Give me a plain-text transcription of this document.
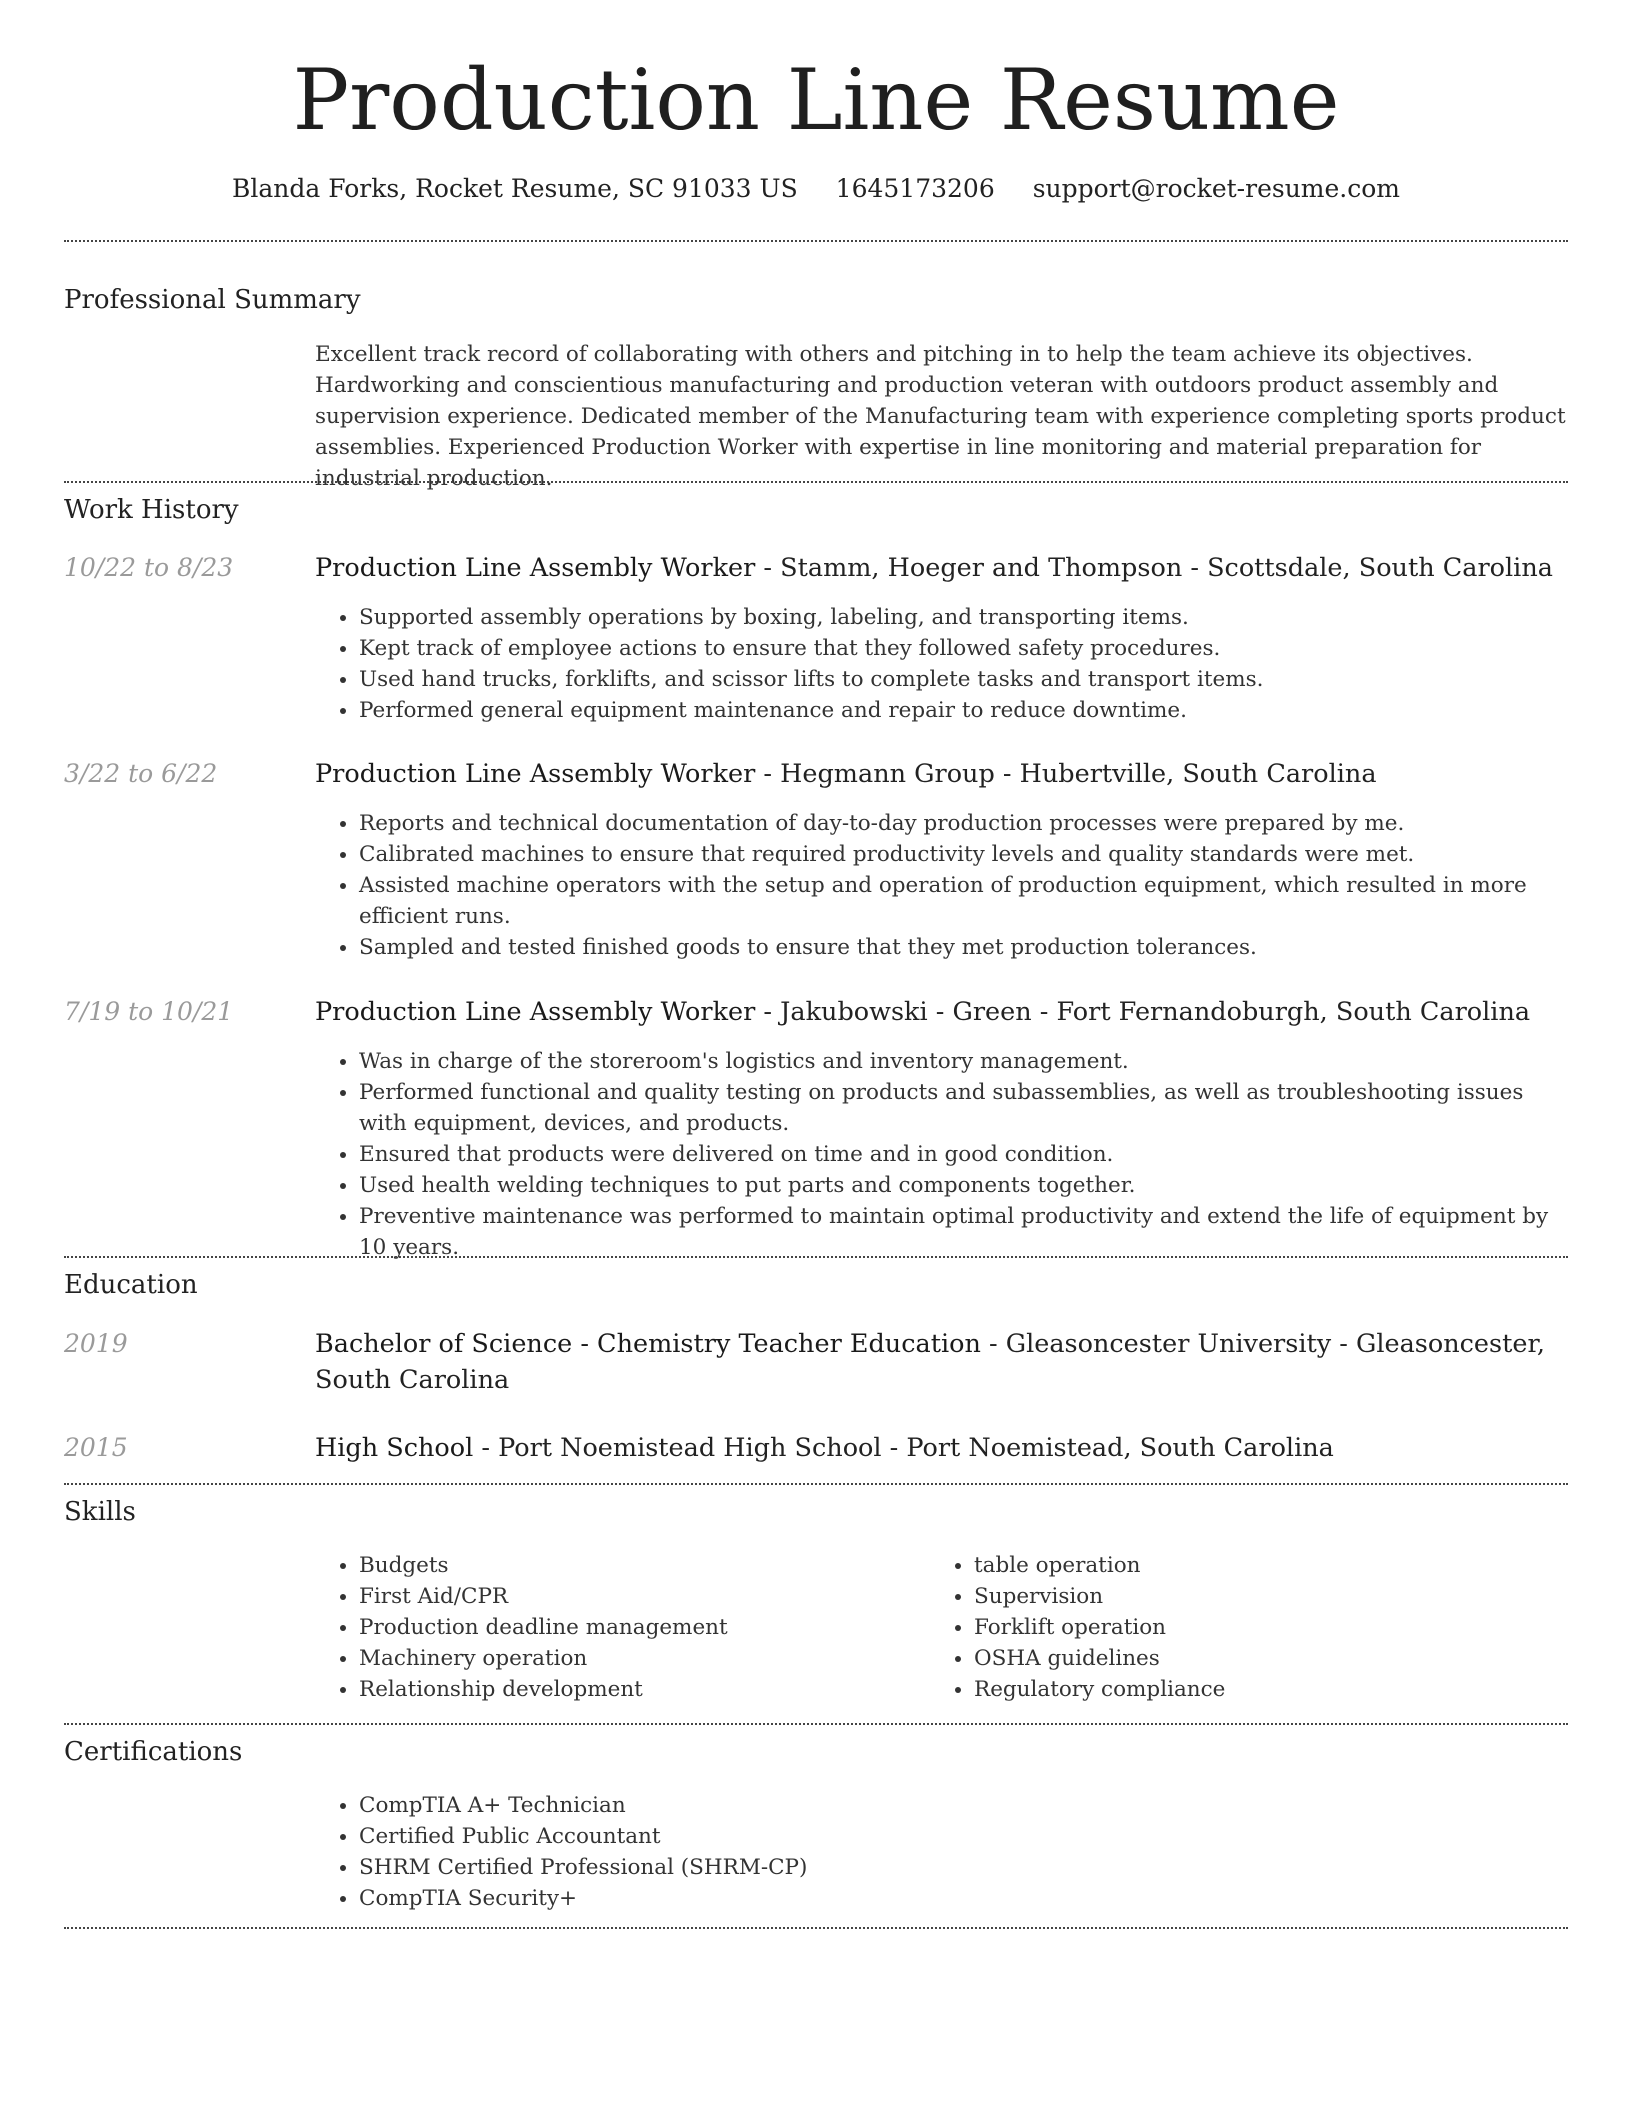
Production Line Resume
Blanda Forks, Rocket Resume, SC 91033 US 1645173206 support@rocket-resume.com
Professional Summary

Excellent track record of collaborating with others and pitching in to help the team achieve its objectives. Hardworking and conscientious manufacturing and production veteran with outdoors product assembly and supervision experience. Dedicated member of the Manufacturing team with experience completing sports product assemblies. Experienced Production Worker with expertise in line monitoring and material preparation for industrial production.

Work History
10/22 to 8/23	Production Line Assembly Worker - Stamm, Hoeger and Thompson - Scottsdale, South Carolina
• Supported assembly operations by boxing, labeling, and transporting items.
• Kept track of employee actions to ensure that they followed safety procedures.
• Used hand trucks, forklifts, and scissor lifts to complete tasks and transport items.
• Performed general equipment maintenance and repair to reduce downtime.
3/22 to 6/22	Production Line Assembly Worker - Hegmann Group - Hubertville, South Carolina
• Reports and technical documentation of day-to-day production processes were prepared by me.
• Calibrated machines to ensure that required productivity levels and quality standards were met.
• Assisted machine operators with the setup and operation of production equipment, which resulted in more efficient runs.
• Sampled and tested finished goods to ensure that they met production tolerances.
7/19 to 10/21	Production Line Assembly Worker - Jakubowski - Green - Fort Fernandoburgh, South Carolina
• Was in charge of the storeroom's logistics and inventory management.
• Performed functional and quality testing on products and subassemblies, as well as troubleshooting issues with equipment, devices, and products.
• Ensured that products were delivered on time and in good condition.
• Used health welding techniques to put parts and components together.
• Preventive maintenance was performed to maintain optimal productivity and extend the life of equipment by 10 years.
Education
2019	Bachelor of Science - Chemistry Teacher Education - Gleasoncester University - Gleasoncester, South Carolina
2015	High School - Port Noemistead High School - Port Noemistead, South Carolina
Skills
• Budgets
• First Aid/CPR
• Production deadline management
• Machinery operation
• Relationship development
• table operation
• Supervision
• Forklift operation
• OSHA guidelines
• Regulatory compliance
Certifications
• CompTIA A+ Technician
• Certified Public Accountant
• SHRM Certified Professional (SHRM-CP)
• CompTIA Security+
